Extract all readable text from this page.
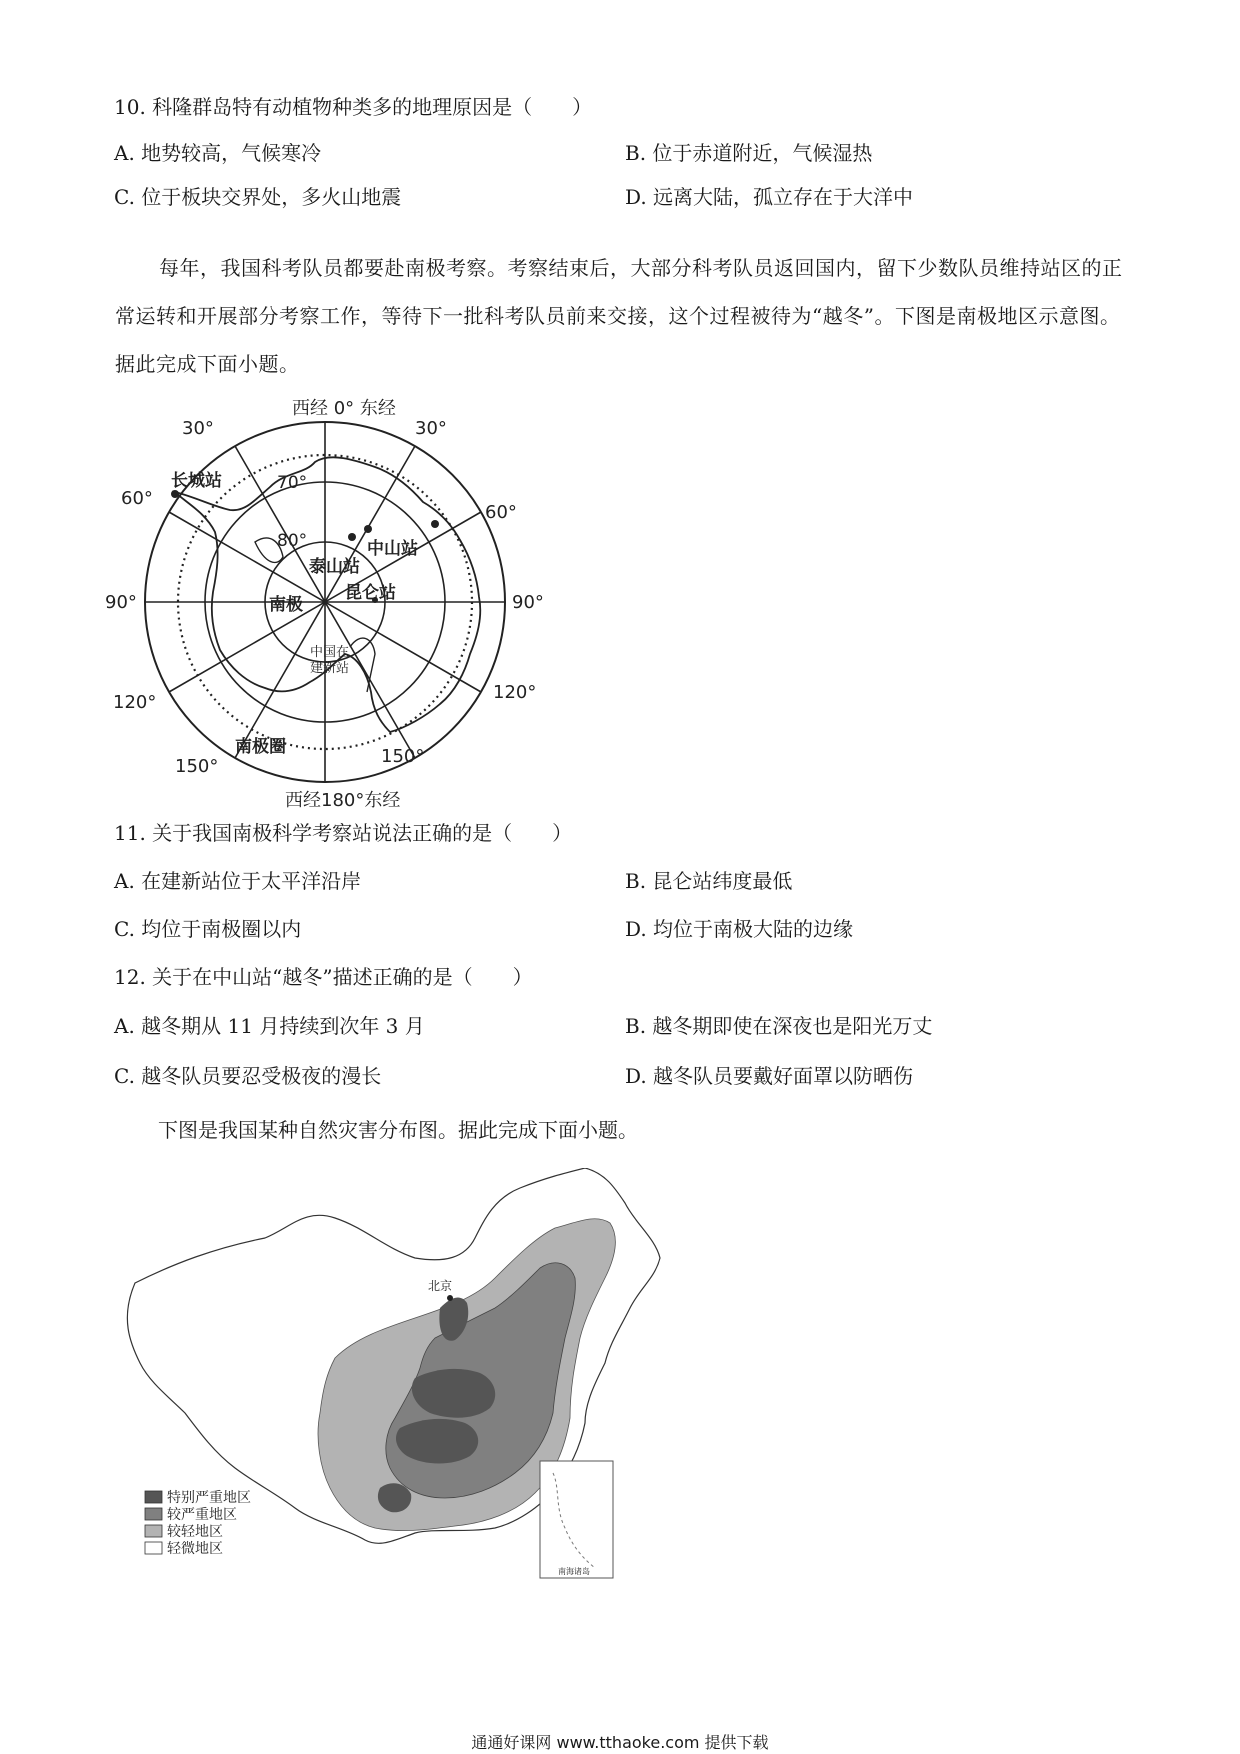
10. 科隆群岛特有动植物种类多的地理原因是（　　）
A. 地势较高，气候寒冷	B. 位于赤道附近，气候湿热
C. 位于板块交界处，多火山地震	D. 远离大陆，孤立存在于大洋中
每年，我国科考队员都要赴南极考察。考察结束后，大部分科考队员返回国内，留下少数队员维持站区的正常运转和开展部分考察工作，等待下一批科考队员前来交接，这个过程被待为“越冬”。下图是南极地区示意图。据此完成下面小题。
西经 0° 东经
西经180°东经
30°	30°
60°
60°
90°	90°
120°	120°
150°	150°
70°
80°
长城站
中山站
泰山站
昆仑站
南极
中国在
建新站
南极圈
11. 关于我国南极科学考察站说法正确的是（　　）
A. 在建新站位于太平洋沿岸	B. 昆仑站纬度最低
C. 均位于南极圈以内	D. 均位于南极大陆的边缘
12. 关于在中山站“越冬”描述正确的是（　　）
A. 越冬期从 11 月持续到次年 3 月	B. 越冬期即使在深夜也是阳光万丈
C. 越冬队员要忍受极夜的漫长	D. 越冬队员要戴好面罩以防晒伤
下图是我国某种自然灾害分布图。据此完成下面小题。
北京
南海诸岛
特别严重地区
较严重地区
较轻地区
轻微地区
通通好课网 www.tthaoke.com 提供下载
